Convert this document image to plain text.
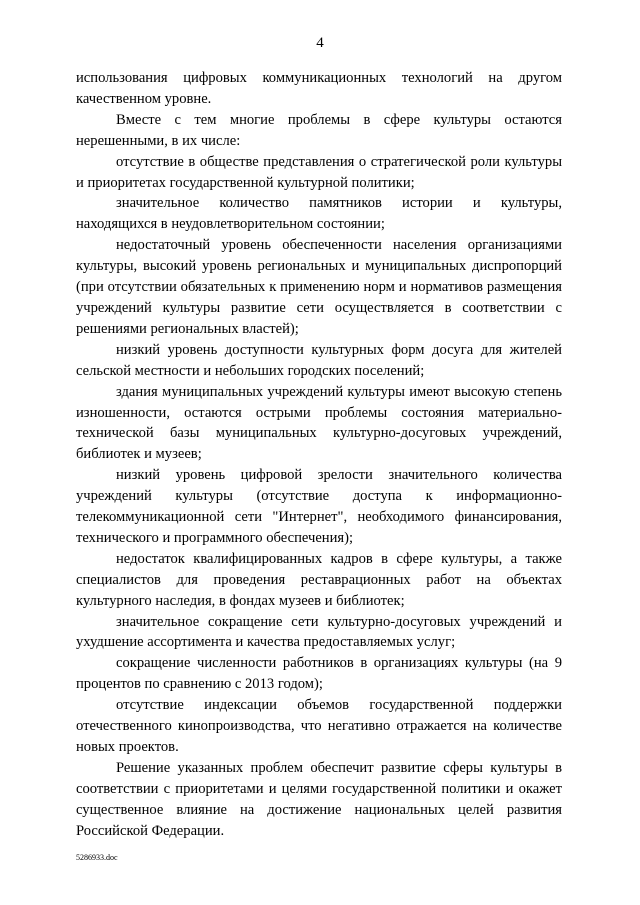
4

использования цифровых коммуникационных технологий на другом качественном уровне.

Вместе с тем многие проблемы в сфере культуры остаются нерешенными, в их числе:

отсутствие в обществе представления о стратегической роли культуры и приоритетах государственной культурной политики;

значительное количество памятников истории и культуры, находящихся в неудовлетворительном состоянии;

недостаточный уровень обеспеченности населения организациями культуры, высокий уровень региональных и муниципальных диспропорций (при отсутствии обязательных к применению норм и нормативов размещения учреждений культуры развитие сети осуществляется в соответствии с решениями региональных властей);

низкий уровень доступности культурных форм досуга для жителей сельской местности и небольших городских поселений;

здания муниципальных учреждений культуры имеют высокую степень изношенности, остаются острыми проблемы состояния материально-технической базы муниципальных культурно-досуговых учреждений, библиотек и музеев;

низкий уровень цифровой зрелости значительного количества учреждений культуры (отсутствие доступа к информационно-телекоммуникационной сети "Интернет", необходимого финансирования, технического и программного обеспечения);

недостаток квалифицированных кадров в сфере культуры, а также специалистов для проведения реставрационных работ на объектах культурного наследия, в фондах музеев и библиотек;

значительное сокращение сети культурно-досуговых учреждений и ухудшение ассортимента и качества предоставляемых услуг;

сокращение численности работников в организациях культуры (на 9 процентов по сравнению с 2013 годом);

отсутствие индексации объемов государственной поддержки отечественного кинопроизводства, что негативно отражается на количестве новых проектов.

Решение указанных проблем обеспечит развитие сферы культуры в соответствии с приоритетами и целями государственной политики и окажет существенное влияние на достижение национальных целей развития Российской Федерации.

5286933.doc
